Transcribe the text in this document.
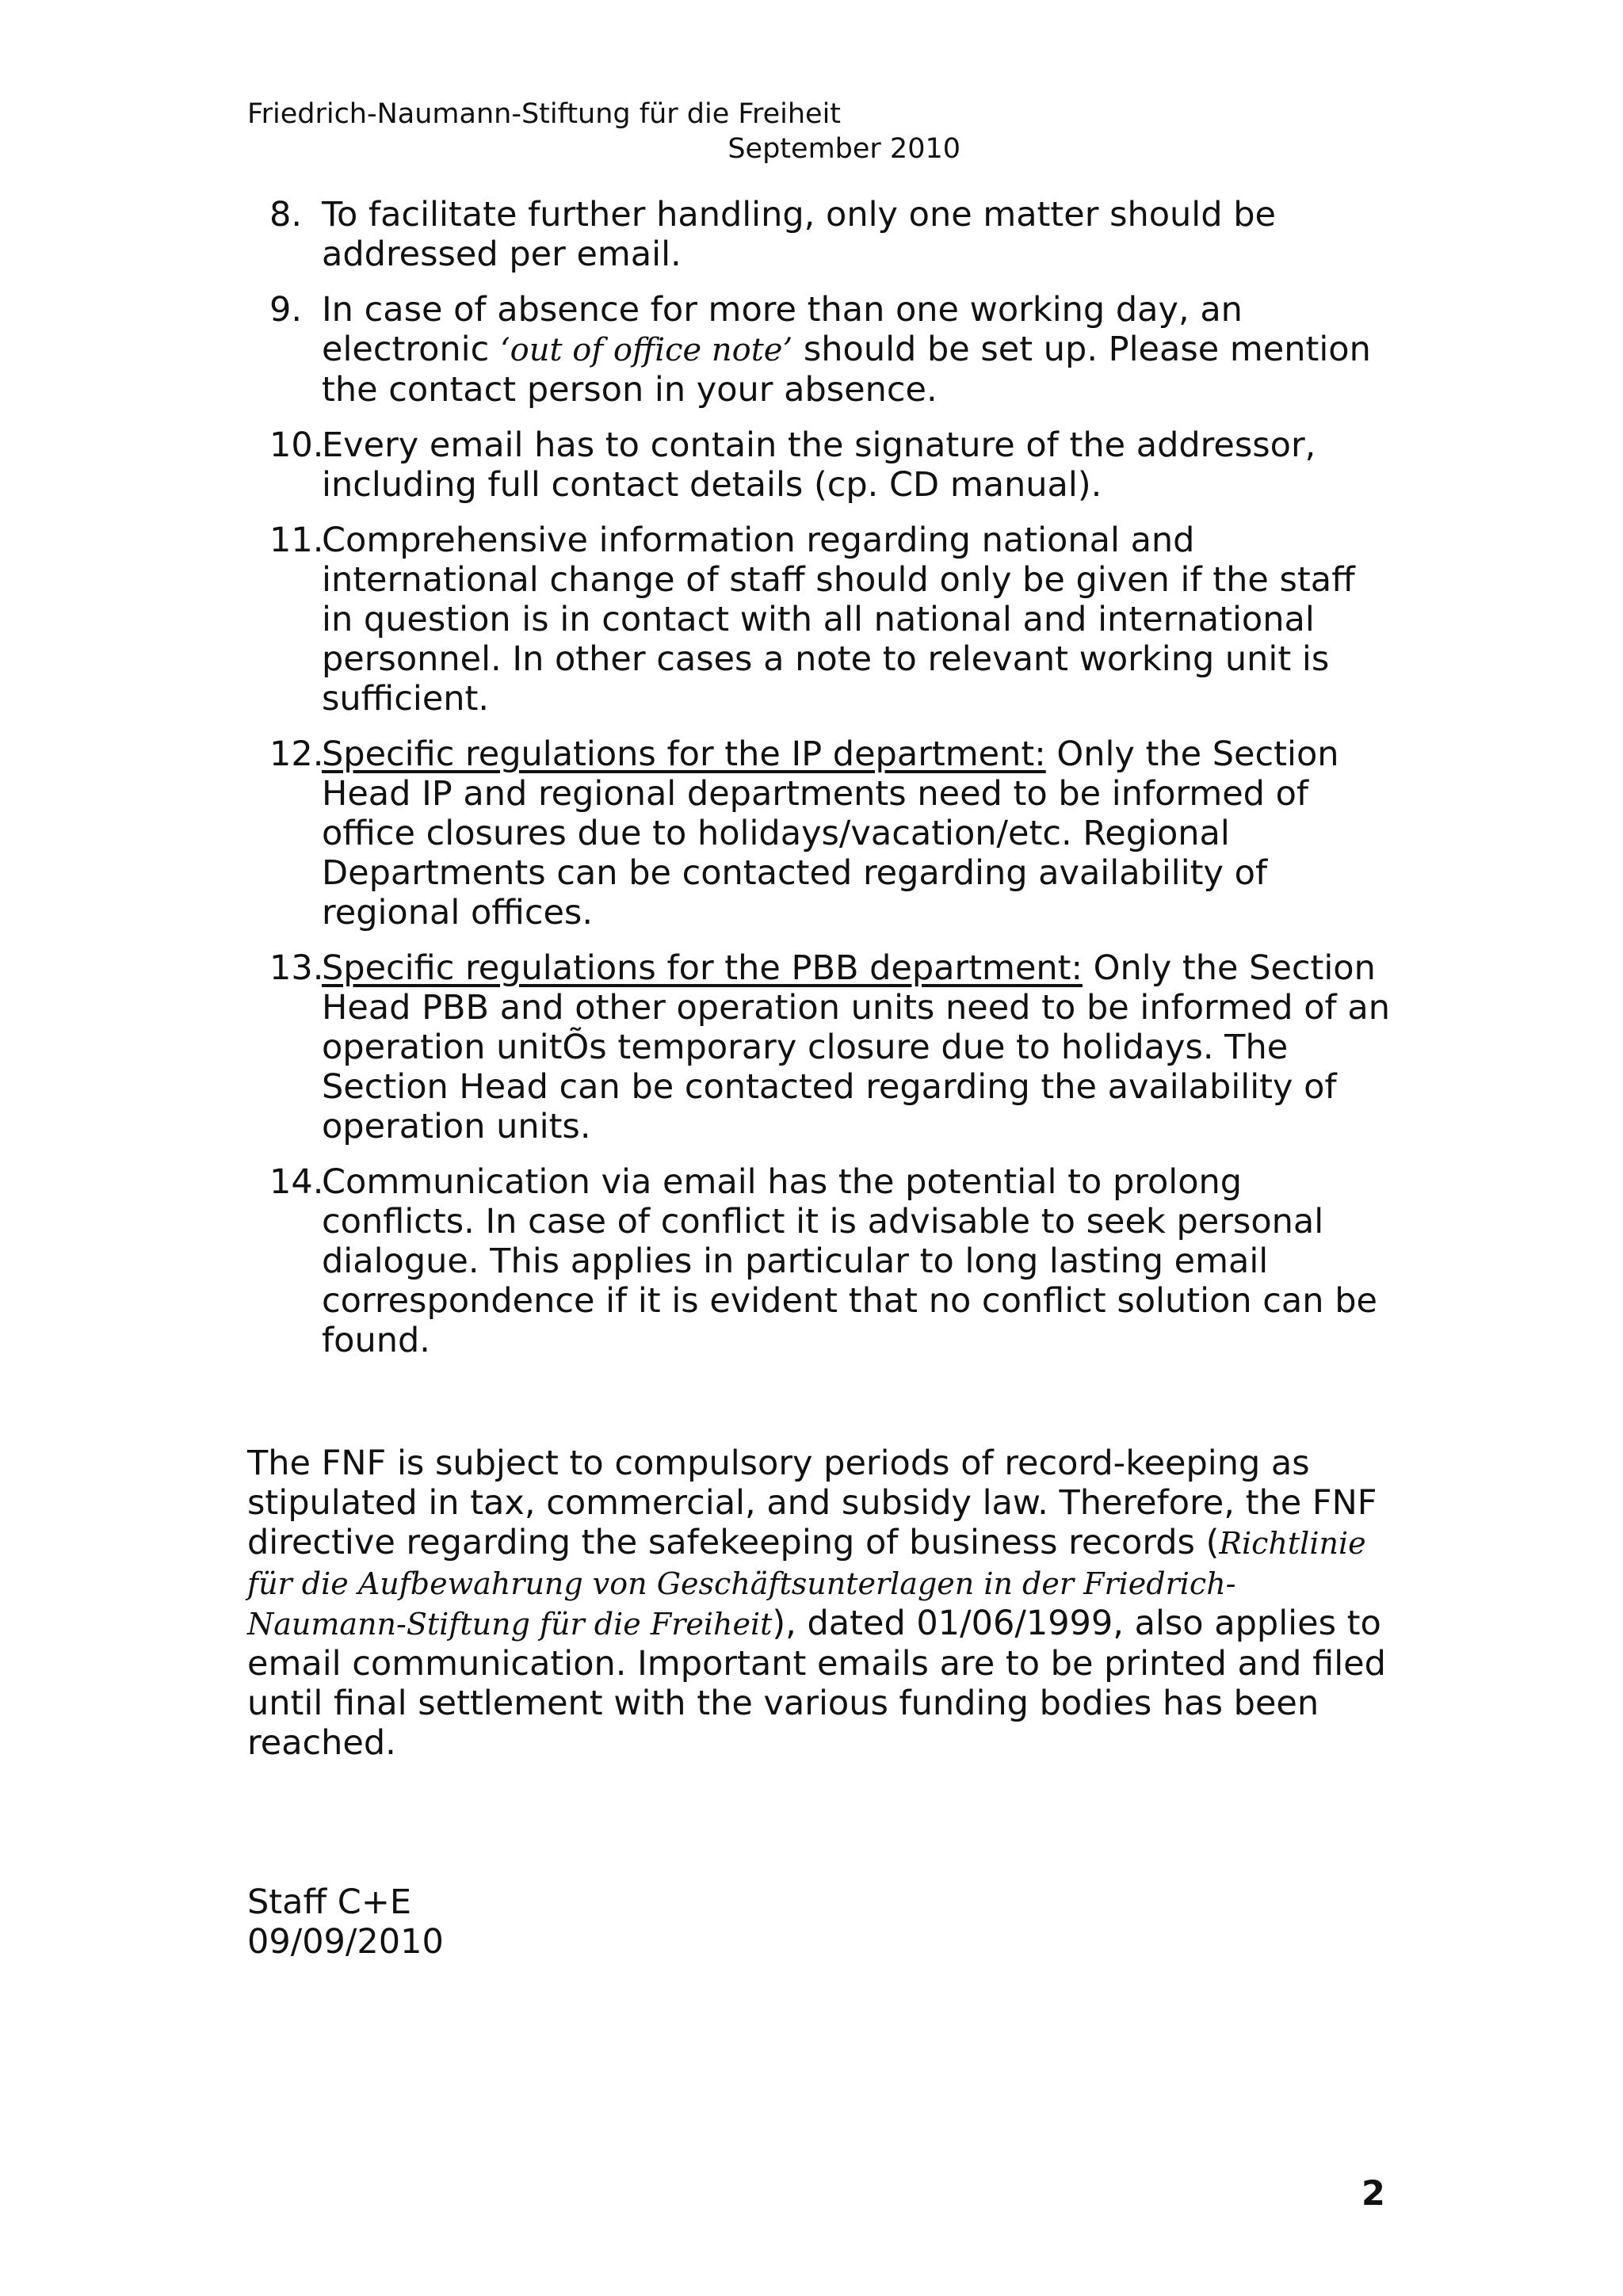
Friedrich-Naumann-Stiftung für die Freiheit
September 2010
8. To facilitate further handling, only one matter should be addressed per email.
9. In case of absence for more than one working day, an electronic ‘out of office note’ should be set up. Please mention the contact person in your absence.
10.
Every email has to contain the signature of the addressor, including full contact details (cp. CD manual).
11.
Comprehensive information regarding national and international change of staff should only be given if the staff in question is in contact with all national and international personnel. In other cases a note to relevant working unit is sufficient.
12.
Specific regulations for the IP department: Only the Section Head IP and regional departments need to be informed of office closures due to holidays/vacation/etc. Regional Departments can be contacted regarding availability of regional offices.
13.
Specific regulations for the PBB department: Only the Section Head PBB and other operation units need to be informed of an operation unitÕs temporary closure due to holidays. The Section Head can be contacted regarding the availability of operation units.
14.
Communication via email has the potential to prolong conflicts. In case of conflict it is advisable to seek personal dialogue. This applies in particular to long lasting email correspondence if it is evident that no conflict solution can be found.

The FNF is subject to compulsory periods of record-keeping as stipulated in tax, commercial, and subsidy law. Therefore, the FNF directive regarding the safekeeping of business records (Richtlinie für die Aufbewahrung von Geschäftsunterlagen in der Friedrich-Naumann-Stiftung für die Freiheit), dated 01/06/1999, also applies to email communication. Important emails are to be printed and filed until final settlement with the various funding bodies has been reached.

Staff C+E
09/09/2010
2
